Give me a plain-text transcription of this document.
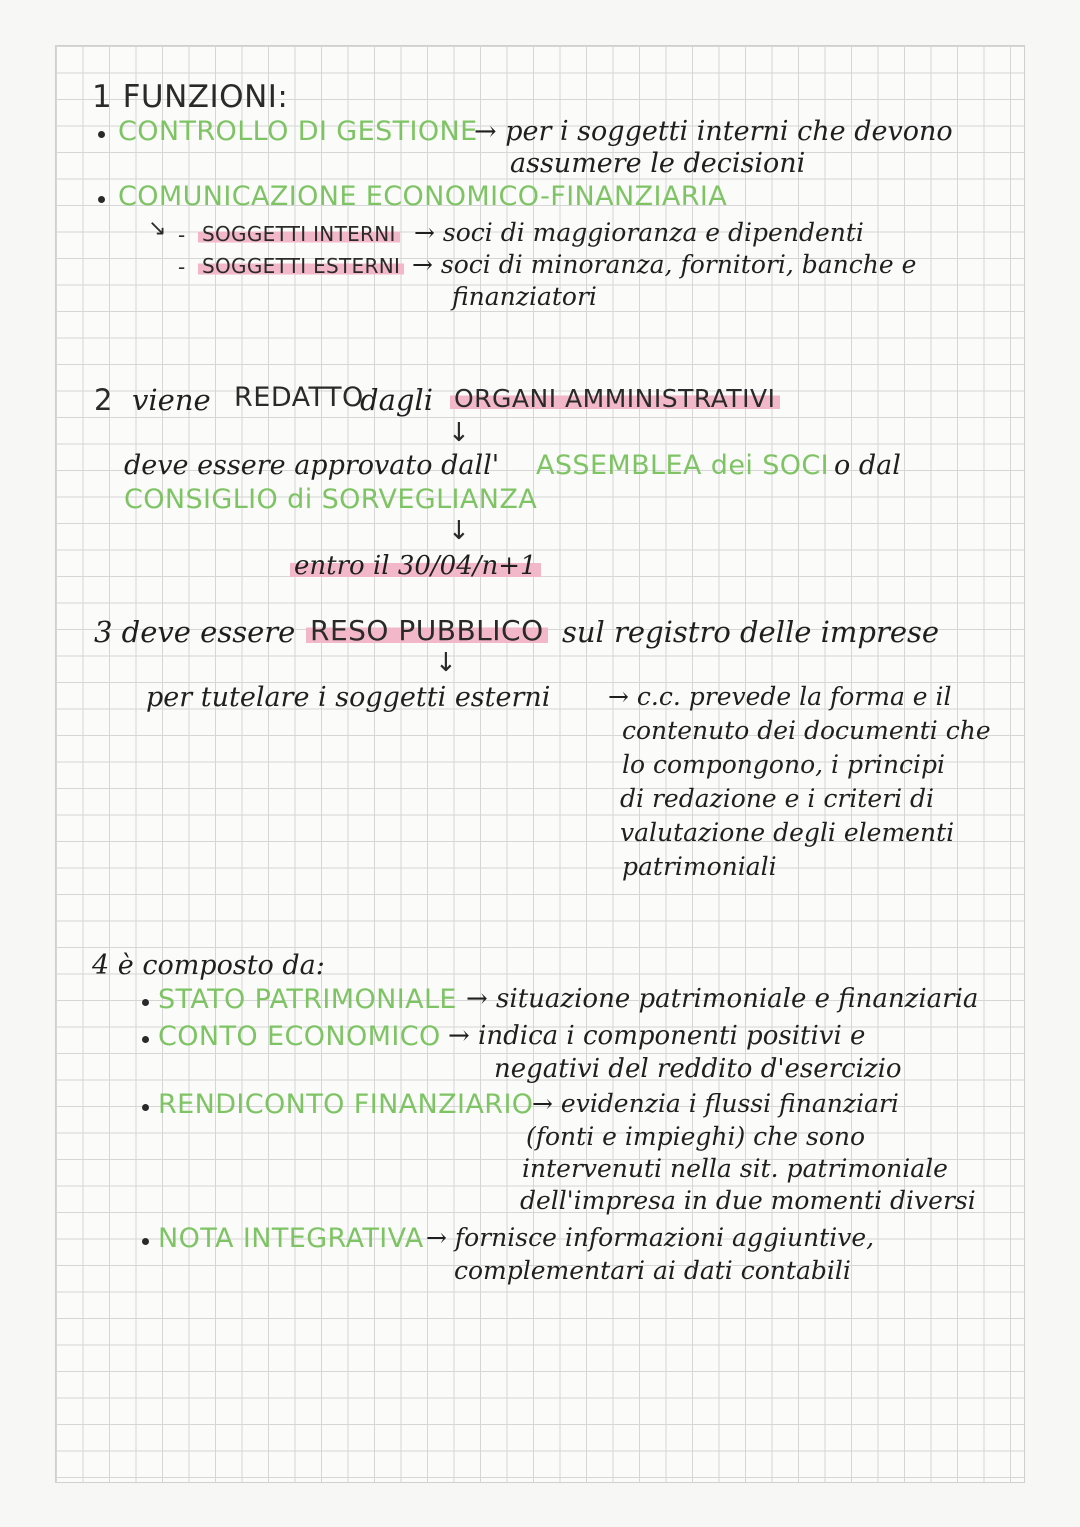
1 FUNZIONI:
CONTROLLO DI GESTIONE
→ per i soggetti interni che devono
assumere le decisioni
COMUNICAZIONE ECONOMICO-FINANZIARIA
↘ - SOGGETTI INTERNI → soci di maggioranza e dipendenti
- SOGGETTI ESTERNI → soci di minoranza, fornitori, banche e
finanziatori
2 viene REDATTO
dagli ORGANI AMMINISTRATIVI
↓
deve essere approvato dall' ASSEMBLEA dei SOCI o dal
CONSIGLIO di SORVEGLIANZA
↓
entro il 30/04/n+1
3 deve essere RESO PUBBLICO sul registro delle imprese
↓
per tutelare i soggetti esterni → c.c. prevede la forma e il
contenuto dei documenti che
lo compongono, i principi
di redazione e i criteri di
valutazione degli elementi
patrimoniali
4 è composto da:
STATO PATRIMONIALE → situazione patrimoniale e finanziaria
CONTO ECONOMICO → indica i componenti positivi e
negativi del reddito d'esercizio
RENDICONTO FINANZIARIO
→ evidenzia i flussi finanziari
(fonti e impieghi) che sono
intervenuti nella sit. patrimoniale
dell'impresa in due momenti diversi
NOTA INTEGRATIVA → fornisce informazioni aggiuntive,
complementari ai dati contabili
